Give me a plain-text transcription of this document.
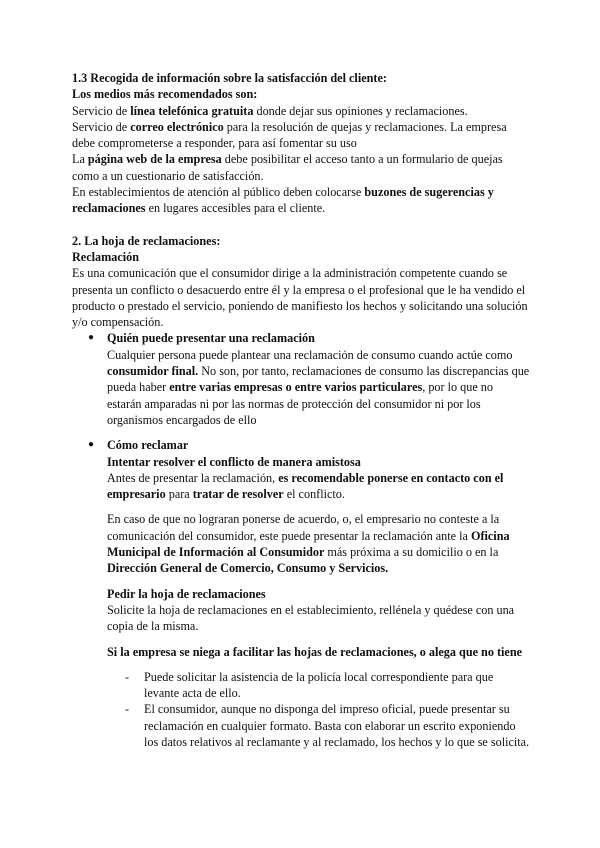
1.3 Recogida de información sobre la satisfacción del cliente:

Los medios más recomendados son:

Servicio de línea telefónica gratuita donde dejar sus opiniones y reclamaciones.

Servicio de correo electrónico para la resolución de quejas y reclamaciones. La empresa debe comprometerse a responder, para así fomentar su uso

La página web de la empresa debe posibilitar el acceso tanto a un formulario de quejas como a un cuestionario de satisfacción.

En establecimientos de atención al público deben colocarse buzones de sugerencias y reclamaciones en lugares accesibles para el cliente.

2. La hoja de reclamaciones:

Reclamación

Es una comunicación que el consumidor dirige a la administración competente cuando se presenta un conflicto o desacuerdo entre él y la empresa o el profesional que le ha vendido el producto o prestado el servicio, poniendo de manifiesto los hechos y solicitando una solución y/o compensación.

● Quién puede presentar una reclamación

Cualquier persona puede plantear una reclamación de consumo cuando actúe como consumidor final. No son, por tanto, reclamaciones de consumo las discrepancias que pueda haber entre varias empresas o entre varios particulares, por lo que no estarán amparadas ni por las normas de protección del consumidor ni por los organismos encargados de ello

● Cómo reclamar

Intentar resolver el conflicto de manera amistosa

Antes de presentar la reclamación, es recomendable ponerse en contacto con el empresario para tratar de resolver el conflicto.

En caso de que no lograran ponerse de acuerdo, o, el empresario no conteste a la comunicación del consumidor, este puede presentar la reclamación ante la Oficina Municipal de Información al Consumidor más próxima a su domicilio o en la Dirección General de Comercio, Consumo y Servicios.

Pedir la hoja de reclamaciones

Solicite la hoja de reclamaciones en el establecimiento, rellénela y quédese con una copia de la misma.

Si la empresa se niega a facilitar las hojas de reclamaciones, o alega que no tiene

- Puede solicitar la asistencia de la policía local correspondiente para que levante acta de ello.

- El consumidor, aunque no disponga del impreso oficial, puede presentar su reclamación en cualquier formato. Basta con elaborar un escrito exponiendo los datos relativos al reclamante y al reclamado, los hechos y lo que se solicita.
